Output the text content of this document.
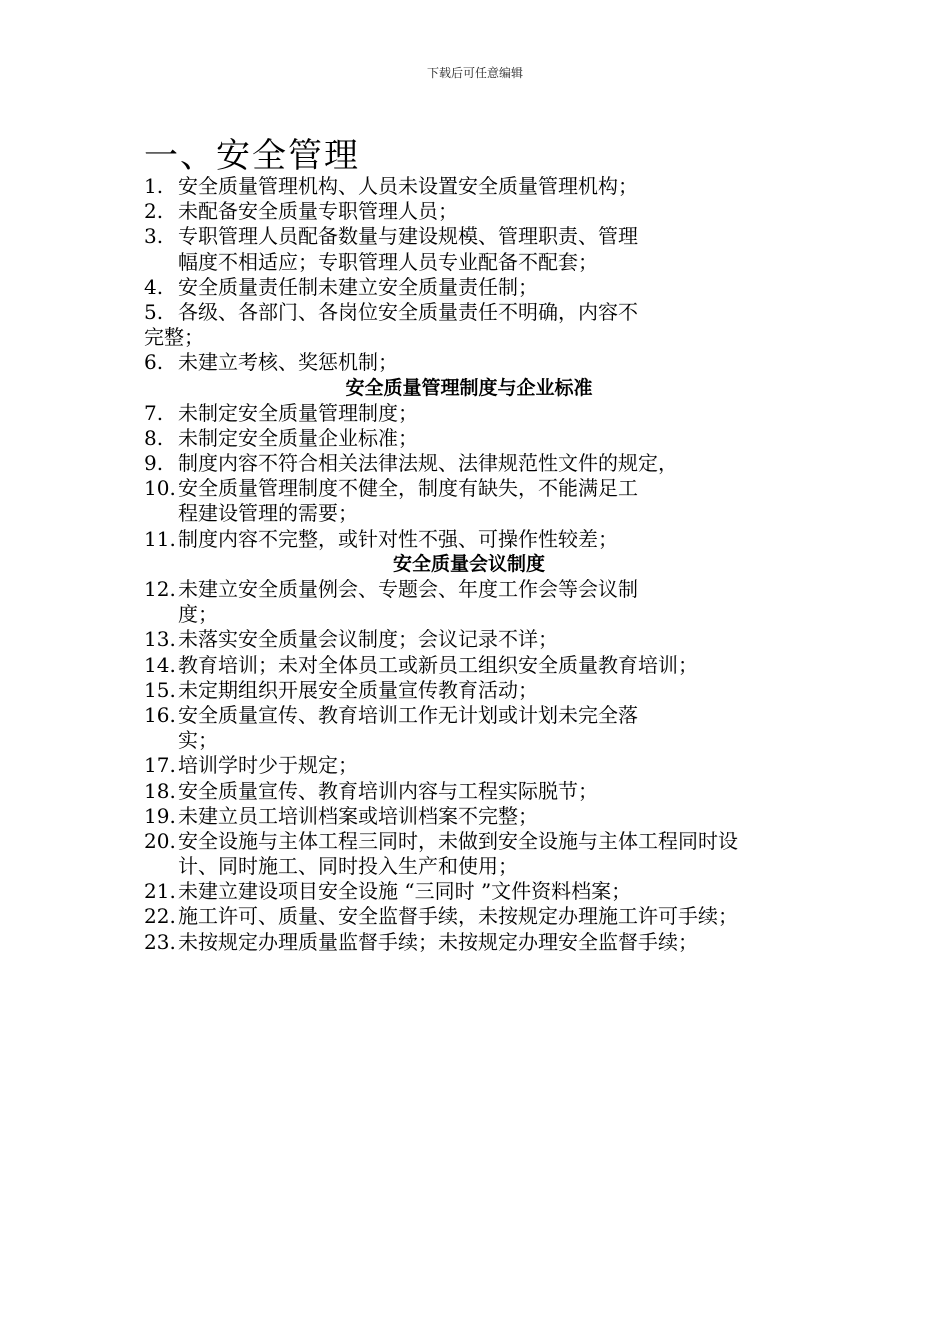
下载后可任意编辑
一、安全管理
1. 安全质量管理机构、人员未设置安全质量管理机构；
2. 未配备安全质量专职管理人员；
3. 专职管理人员配备数量与建设规模、管理职责、管理
幅度不相适应；专职管理人员专业配备不配套；
4. 安全质量责任制未建立安全质量责任制；
5. 各级、各部门、各岗位安全质量责任不明确，内容不
完整；
6. 未建立考核、奖惩机制；
安全质量管理制度与企业标准
7. 未制定安全质量管理制度；
8. 未制定安全质量企业标准；
9. 制度内容不符合相关法律法规、法律规范性文件的规定，
10. 安全质量管理制度不健全，制度有缺失，不能满足工
程建设管理的需要；
11. 制度内容不完整，或针对性不强、可操作性较差；
安全质量会议制度
12. 未建立安全质量例会、专题会、年度工作会等会议制
度；
13. 未落实安全质量会议制度；会议记录不详；
14. 教育培训；未对全体员工或新员工组织安全质量教育培训；
15. 未定期组织开展安全质量宣传教育活动；
16. 安全质量宣传、教育培训工作无计划或计划未完全落
实；
17. 培训学时少于规定；
18. 安全质量宣传、教育培训内容与工程实际脱节；
19. 未建立员工培训档案或培训档案不完整；
20. 安全设施与主体工程三同时，未做到安全设施与主体工程同时设
计、同时施工、同时投入生产和使用；
21. 未建立建设项目安全设施 “三同时 ”文件资料档案；
22. 施工许可、质量、安全监督手续，未按规定办理施工许可手续；
23. 未按规定办理质量监督手续；未按规定办理安全监督手续；
